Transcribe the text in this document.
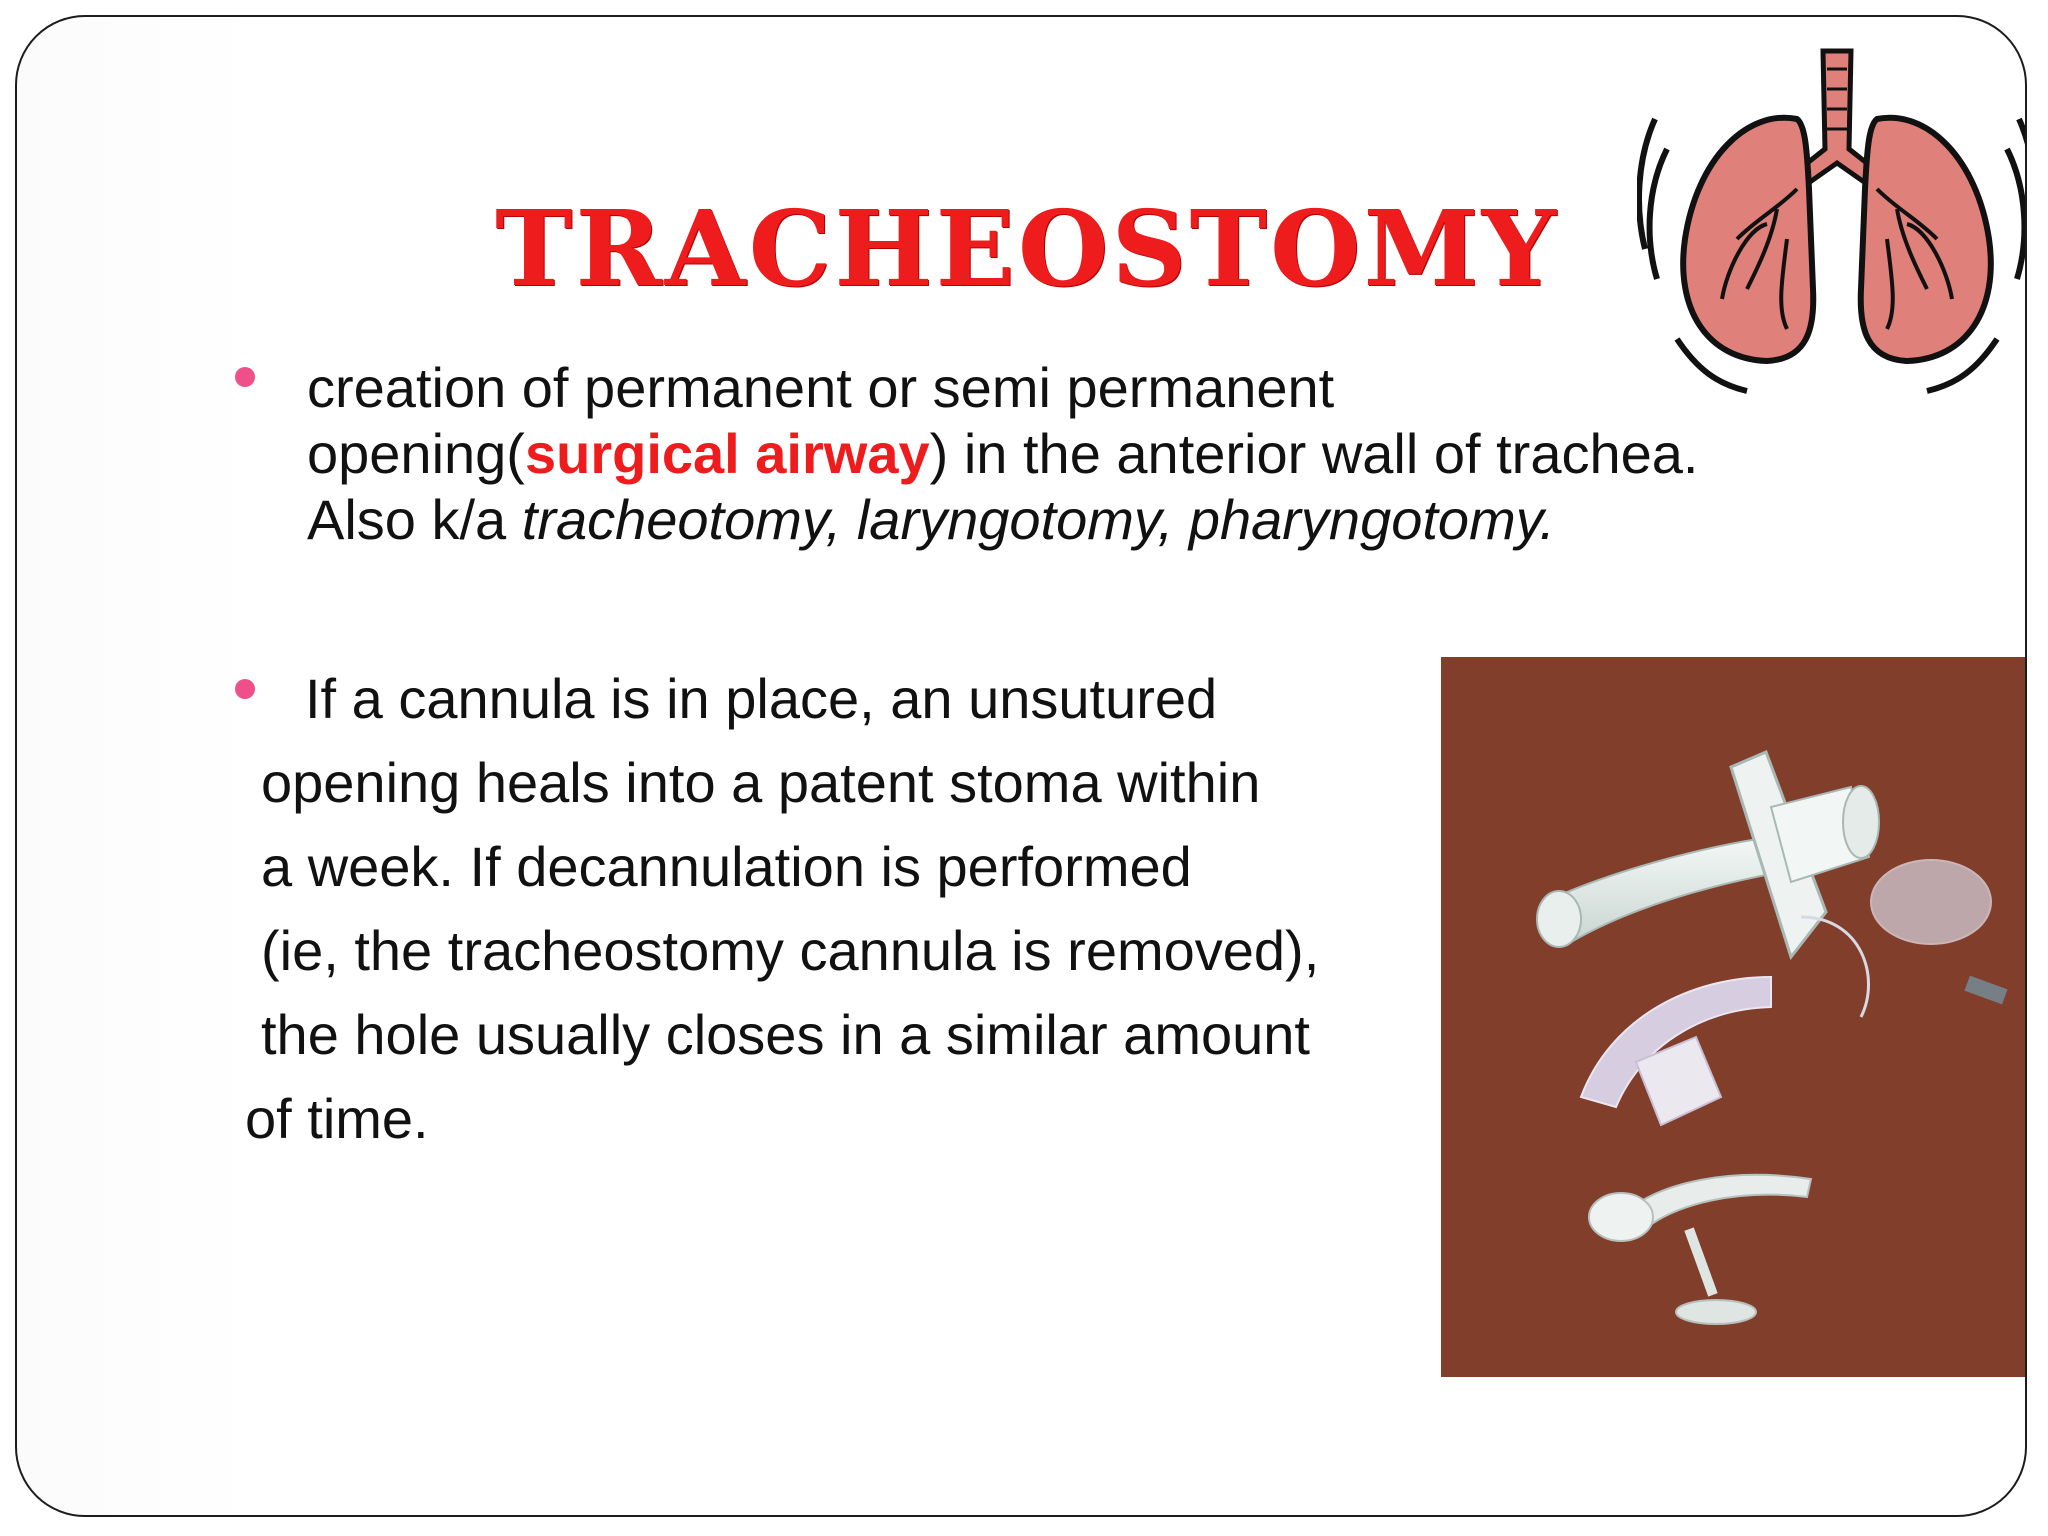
TRACHEOSTOMY
creation of permanent or semi permanent
opening(surgical airway) in the anterior wall of trachea.
Also k/a tracheotomy, laryngotomy, pharyngotomy.
If a cannula is in place, an unsutured
opening heals into a patent stoma within
a week. If decannulation is performed
(ie, the tracheostomy cannula is removed),
the hole usually closes in a similar amount
of time.
